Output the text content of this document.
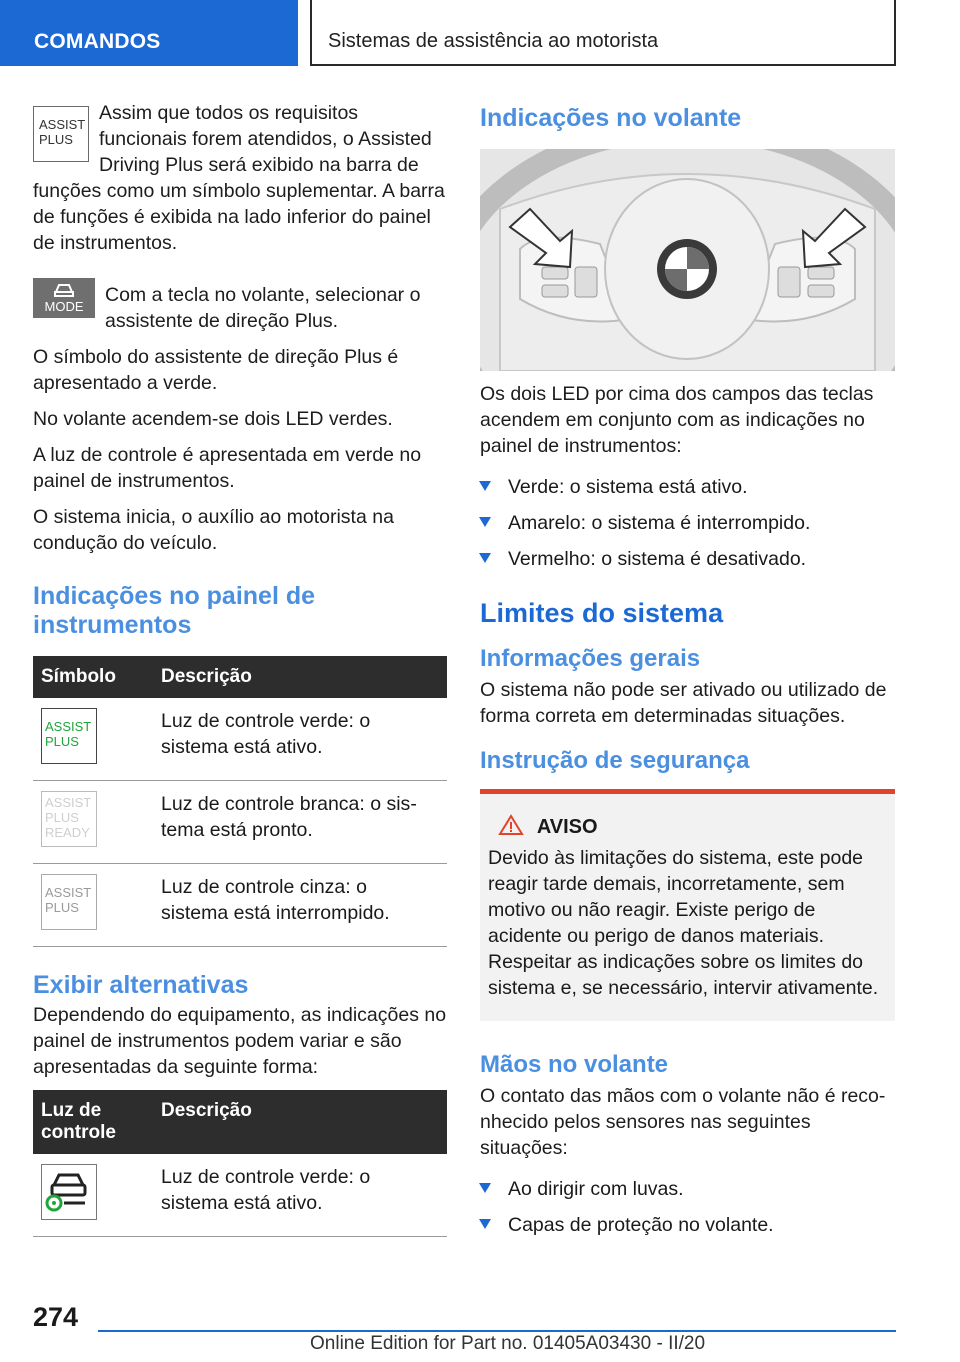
COMANDOS	Sistemas de assistência ao motorista
ASSIST
PLUS

Assim que todos os requisitos funcionais forem atendidos, o Assisted Driving Plus será exibido na barra de funções como um símbolo suplementar. A barra de funções é exibida na lado inferior do painel de instrumentos.

MODE

Com a tecla no volante, selecionar o assistente de direção Plus.

O símbolo do assistente de direção Plus é apresentado a verde.

No volante acendem-se dois LED verdes.

A luz de controle é apresentada em verde no painel de instrumentos.

O sistema inicia, o auxílio ao motorista na condução do veículo.

Indicações no painel de instrumentos
Símbolo	Descrição

ASSIST
PLUS	Luz de controle verde: o sistema está ativo.

ASSIST
PLUS
READY	Luz de controle branca: o sistema está pronto.

ASSIST
PLUS	Luz de controle cinza: o sistema está interrompido.
Exibir alternativas

Dependendo do equipamento, as indicações no painel de instrumentos podem variar e são apresentadas da seguinte forma:

Luz de controle	Descrição

	Luz de controle verde: o sistema está ativo.
Indicações no volante

Os dois LED por cima dos campos das teclas acendem em conjunto com as indicações no painel de instrumentos:

Verde: o sistema está ativo.
Amarelo: o sistema é interrompido.
Vermelho: o sistema é desativado.
Limites do sistema
Informações gerais

O sistema não pode ser ativado ou utilizado de forma correta em determinadas situações.

Instrução de segurança
AVISO
Devido às limitações do sistema, este pode reagir tarde demais, incorretamente, sem motivo ou não reagir. Existe perigo de acidente ou perigo de danos materiais. Respeitar as indicações sobre os limites do sistema e, se necessário, intervir ativamente.
Mãos no volante

O contato das mãos com o volante não é reconhecido pelos sensores nas seguintes situações:

Ao dirigir com luvas.
Capas de proteção no volante.
274
Online Edition for Part no. 01405A03430 - II/20
